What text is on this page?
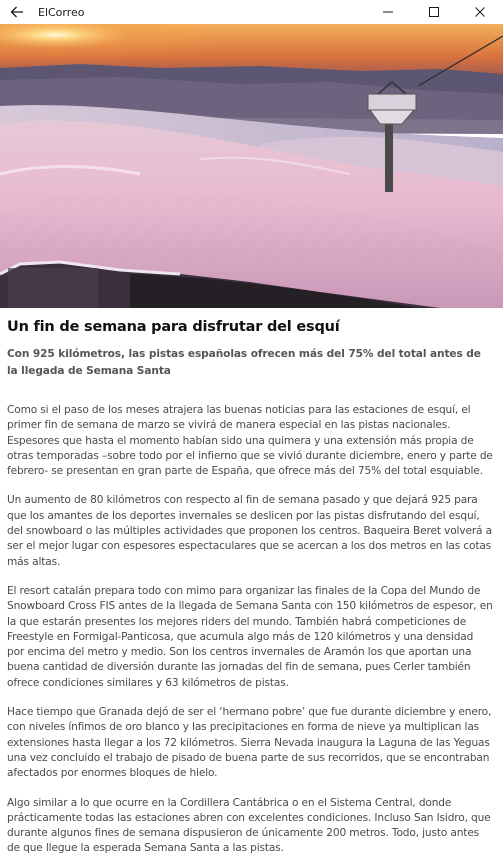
ElCorreo
Un fin de semana para disfrutar del esquí

Con 925 kilómetros, las pistas españolas ofrecen más del 75% del total antes de la llegada de Semana Santa

Como si el paso de los meses atrajera las buenas noticias para las estaciones de esquí, el primer fin de semana de marzo se vivirá de manera especial en las pistas nacionales. Espesores que hasta el momento habían sido una quimera y una extensión más propia de otras temporadas –sobre todo por el infierno que se vivió durante diciembre, enero y parte de febrero- se presentan en gran parte de España, que ofrece más del 75% del total esquiable.

Un aumento de 80 kilómetros con respecto al fin de semana pasado y que dejará 925 para que los amantes de los deportes invernales se deslicen por las pistas disfrutando del esquí, del snowboard o las múltiples actividades que proponen los centros. Baqueira Beret volverá a ser el mejor lugar con espesores espectaculares que se acercan a los dos metros en las cotas más altas.

El resort catalán prepara todo con mimo para organizar las finales de la Copa del Mundo de Snowboard Cross FIS antes de la llegada de Semana Santa con 150 kilómetros de espesor, en la que estarán presentes los mejores riders del mundo. También habrá competiciones de Freestyle en Formigal-Panticosa, que acumula algo más de 120 kilómetros y una densidad por encima del metro y medio. Son los centros invernales de Aramón los que aportan una buena cantidad de diversión durante las jornadas del fin de semana, pues Cerler también ofrece condiciones similares y 63 kilómetros de pistas.

Hace tiempo que Granada dejó de ser el ‘hermano pobre’ que fue durante diciembre y enero, con niveles ínfimos de oro blanco y las precipitaciones en forma de nieve ya multiplican las extensiones hasta llegar a los 72 kilómetros. Sierra Nevada inaugura la Laguna de las Yeguas una vez concluido el trabajo de pisado de buena parte de sus recorridos, que se encontraban afectados por enormes bloques de hielo.

Algo similar a lo que ocurre en la Cordillera Cantábrica o en el Sistema Central, donde prácticamente todas las estaciones abren con excelentes condiciones. Incluso San Isidro, que durante algunos fines de semana dispusieron de únicamente 200 metros. Todo, justo antes de que llegue la esperada Semana Santa a las pistas.
